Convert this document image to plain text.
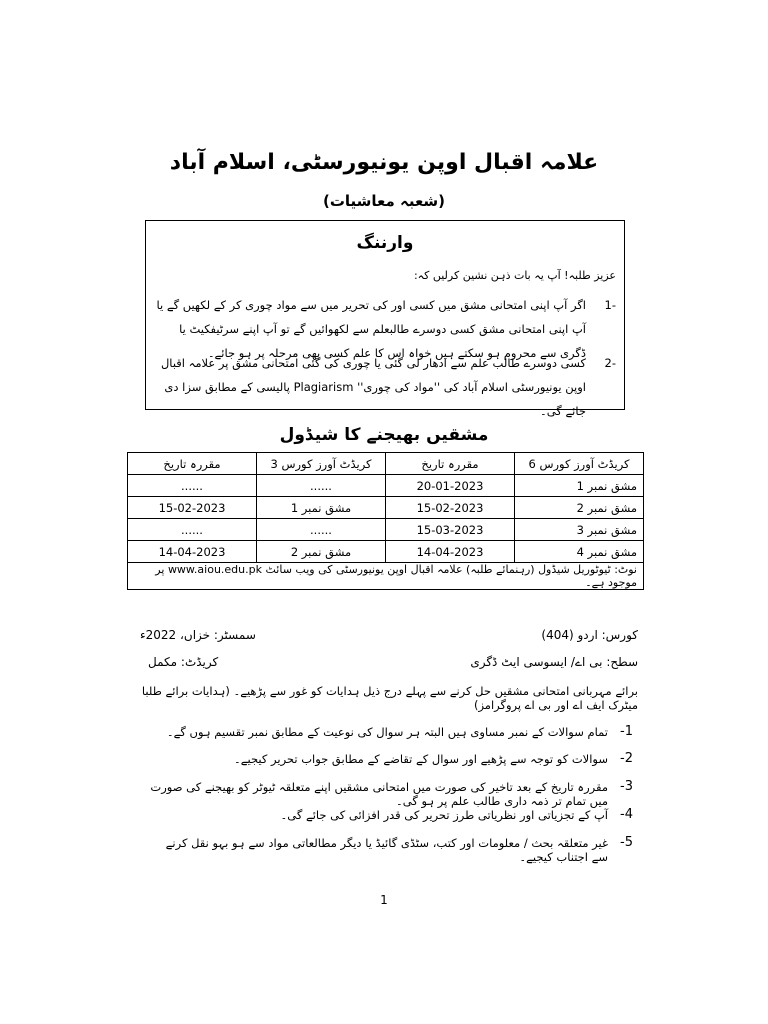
علامہ اقبال اوپن یونیورسٹی، اسلام آباد
(شعبہ معاشیات)
وارننگ
عزیز طلبہ! آپ یہ بات ذہن نشین کرلیں کہ:
-1
اگر آپ اپنی امتحانی مشق میں کسی اور کی تحریر میں سے مواد چوری کر کے لکھیں گے یا آپ اپنی امتحانی مشق کسی دوسرے طالبعلم سے لکھوائیں گے تو آپ اپنے سرٹیفکیٹ یا ڈگری سے محروم ہو سکتے ہیں خواہ اس کا علم کسی بھی مرحلہ پر ہو جائے۔
-2
کسی دوسرے طالب علم سے ادھار لی گئی یا چوری کی گئی امتحانی مشق پر علامہ اقبال اوپن یونیورسٹی اسلام آباد کی ''مواد کی چوری'' Plagiarism پالیسی کے مطابق سزا دی جائے گی۔
مشقیں بھیجنے کا شیڈول
مقررہ تاریخ	3 کریڈٹ آورز کورس	مقررہ تاریخ	6 کریڈٹ آورز کورس
......	......	20-01-2023	مشق نمبر 1
15-02-2023	مشق نمبر 1	15-02-2023	مشق نمبر 2
......	......	15-03-2023	مشق نمبر 3
14-04-2023	مشق نمبر 2	14-04-2023	مشق نمبر 4
نوٹ: ٹیوٹوریل شیڈول (رہنمائے طلبہ) علامہ اقبال اوپن یونیورسٹی کی ویب سائٹ www.aiou.edu.pk پر موجود ہے۔			
کورس: اردو (404)
سمسٹر: خزاں، 2022ء
سطح: بی اے/ ایسوسی ایٹ ڈگری
کریڈٹ: مکمل
برائے مہربانی امتحانی مشقیں حل کرنے سے پہلے درج ذیل ہدایات کو غور سے پڑھیے۔ (ہدایات برائے طلبا میٹرک ایف اے اور بی اے پروگرامز)
تمام سوالات کے نمبر مساوی ہیں البتہ ہر سوال کی نوعیت کے مطابق نمبر تقسیم ہوں گے۔ -1
سوالات کو توجہ سے پڑھیے اور سوال کے تقاضے کے مطابق جواب تحریر کیجیے۔ -2
مقررہ تاریخ کے بعد تاخیر کی صورت میں امتحانی مشقیں اپنے متعلقہ ٹیوٹر کو بھیجنے کی صورت میں تمام تر ذمہ داری طالب علم پر ہو گی۔
-3
آپ کے تجزیاتی اور نظریاتی طرز تحریر کی قدر افزائی کی جائے گی۔ -4
غیر متعلقہ بحث / معلومات اور کتب، سٹڈی گائیڈ یا دیگر مطالعاتی مواد سے ہو بہو نقل کرنے سے اجتناب کیجیے۔
-5
1
